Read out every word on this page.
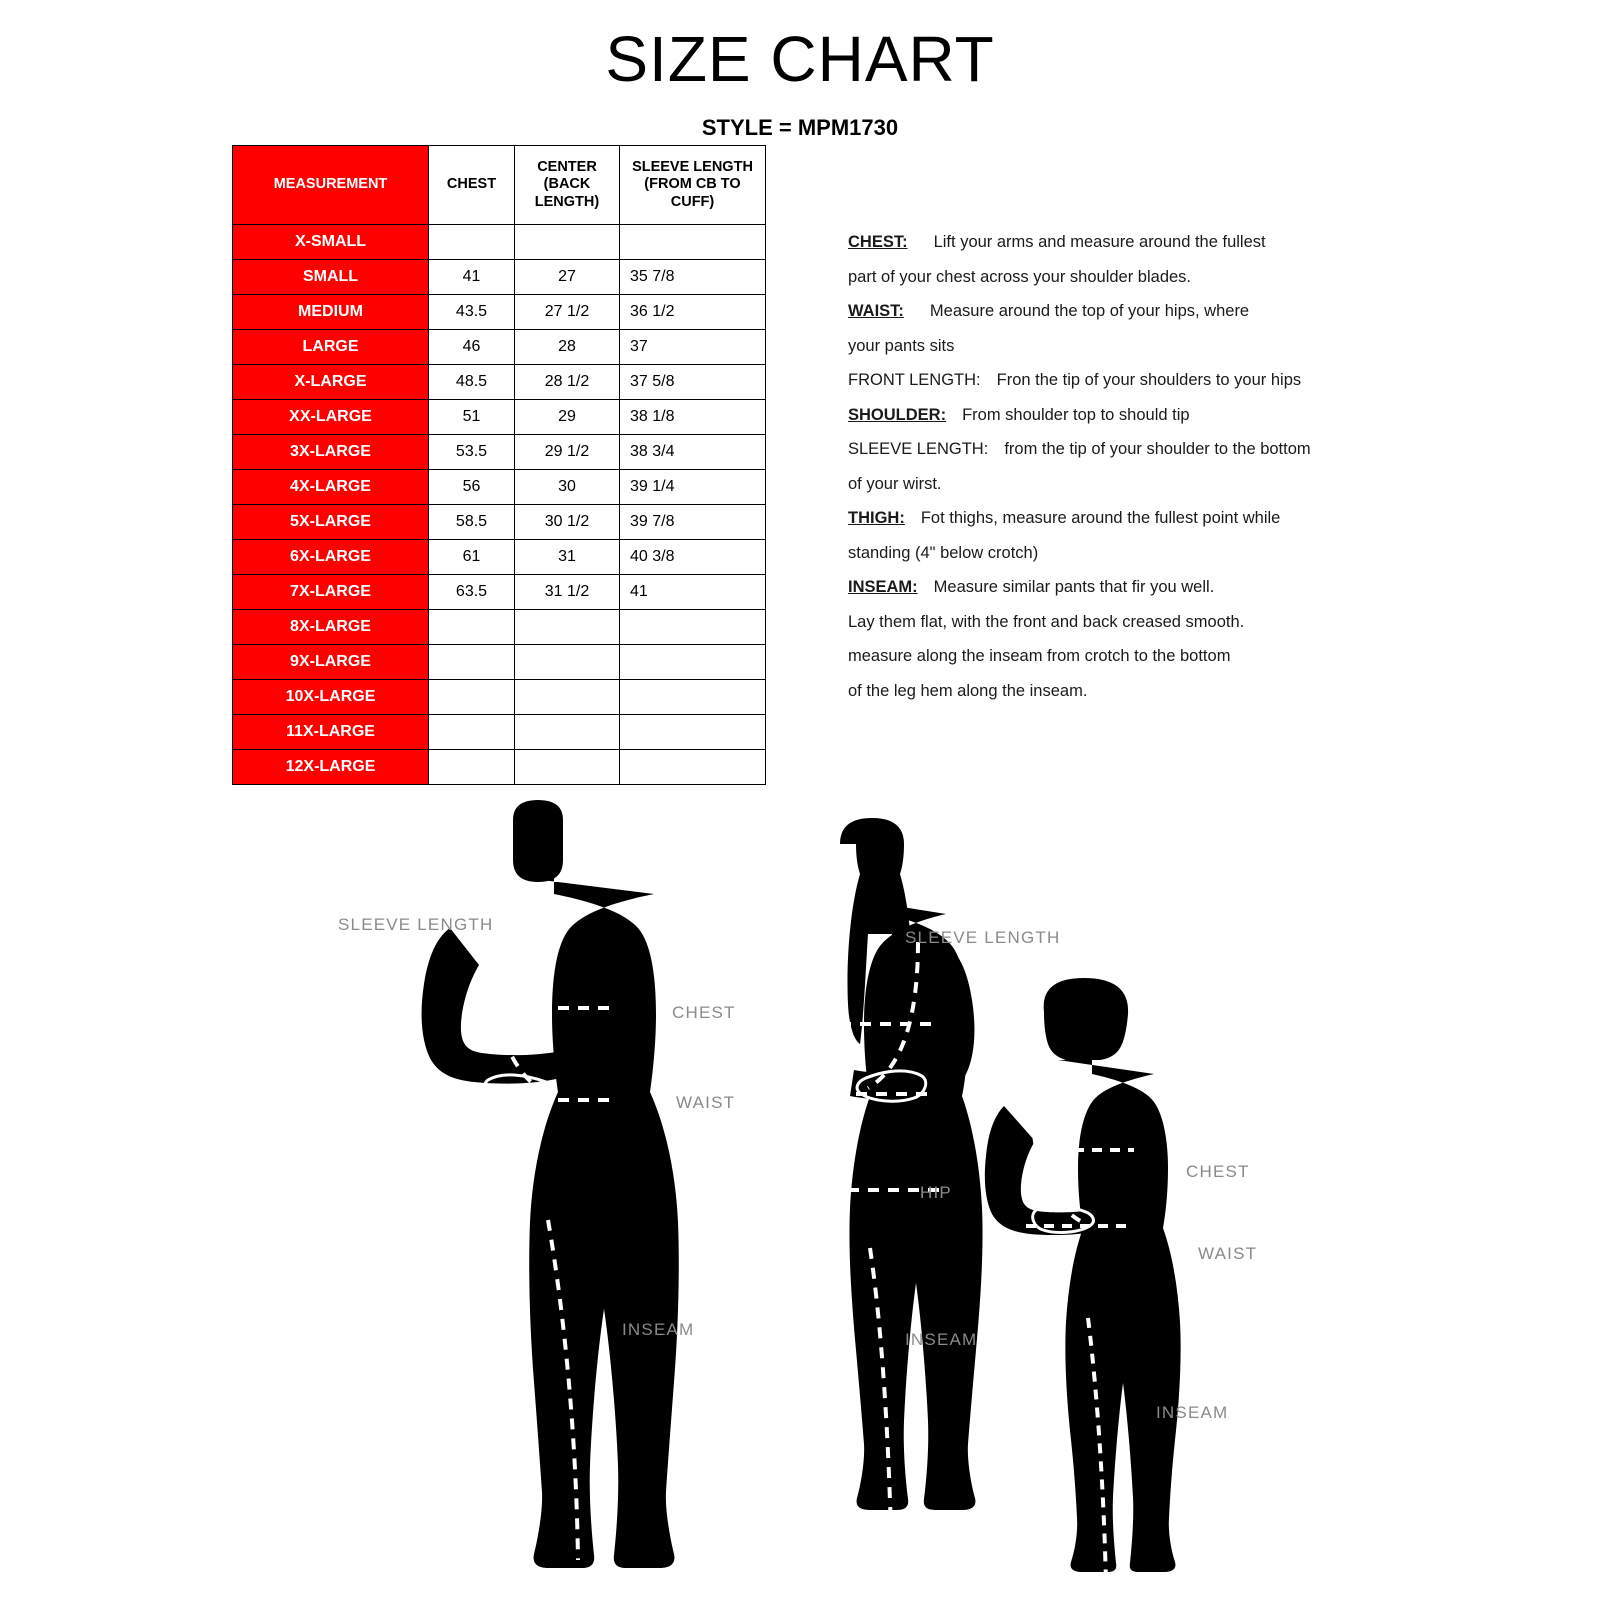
SIZE CHART
STYLE = MPM1730
MEASUREMENT	CHEST	CENTER
(BACK
LENGTH)	SLEEVE LENGTH
(FROM CB TO
CUFF)
X-SMALL			
SMALL	41	27	35 7/8
MEDIUM	43.5	27 1/2	36 1/2
LARGE	46	28	37
X-LARGE	48.5	28 1/2	37 5/8
XX-LARGE	51	29	38 1/8
3X-LARGE	53.5	29 1/2	38 3/4
4X-LARGE	56	30	39 1/4
5X-LARGE	58.5	30 1/2	39 7/8
6X-LARGE	61	31	40 3/8
7X-LARGE	63.5	31 1/2	41
8X-LARGE			
9X-LARGE			
10X-LARGE			
11X-LARGE			
12X-LARGE			
CHEST: Lift your arms and measure around the fullest
part of your chest across your shoulder blades.
WAIST: Measure around the top of your hips, where
your pants sits
FRONT LENGTH: Fron the tip of your shoulders to your hips
SHOULDER: From shoulder top to should tip
SLEEVE LENGTH: from the tip of your shoulder to the bottom
of your wirst.
THIGH: Fot thighs, measure around the fullest point while
standing (4" below crotch)
INSEAM: Measure similar pants that fir you well.
Lay them flat, with the front and back creased smooth.
measure along the inseam from crotch to the bottom
of the leg hem along the inseam.
SLEEVE LENGTH
CHEST
WAIST
INSEAM
SLEEVE LENGTH
HIP
INSEAM
CHEST
WAIST
INSEAM
